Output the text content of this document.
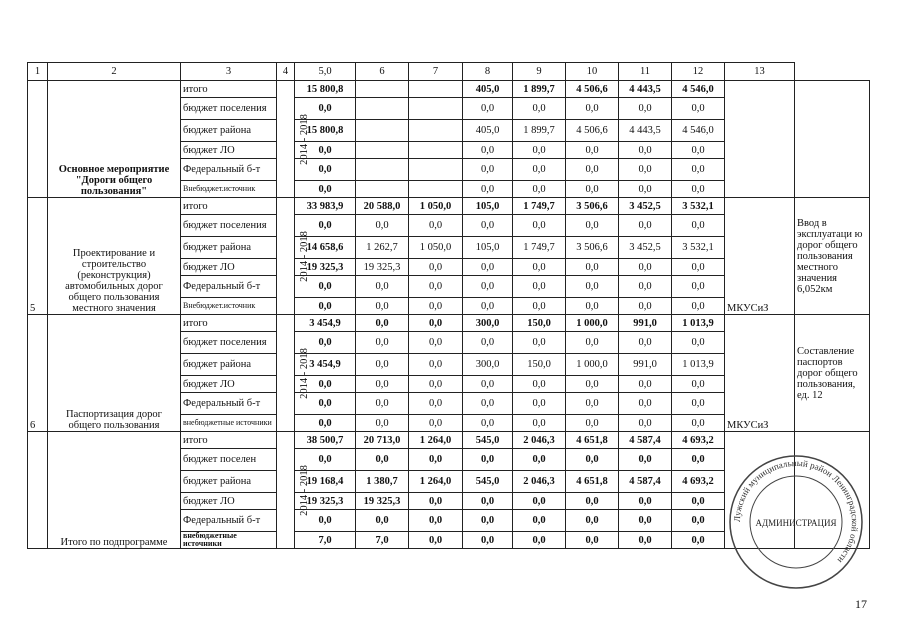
1	2	3	4	5,0	6	7	8	9	10	11	12	13	
	Основное мероприятие "Дороги общего пользования"	итого	2014 - 2018	15 800,8			405,0	1 899,7	4 506,6	4 443,5	4 546,0		
		бюджет поселения		0,0			0,0	0,0	0,0	0,0	0,0		
		бюджет района		15 800,8			405,0	1 899,7	4 506,6	4 443,5	4 546,0		
		бюджет ЛО		0,0			0,0	0,0	0,0	0,0	0,0		
		Федеральный б-т		0,0			0,0	0,0	0,0	0,0	0,0		
		Внебюджет.источник		0,0			0,0	0,0	0,0	0,0	0,0		
5	Проектирование и строительство (реконструкция) автомобильных дорог общего пользования местного значения	итого	2014 - 2018	33 983,9	20 588,0	1 050,0	105,0	1 749,7	3 506,6	3 452,5	3 532,1	МКУСиЗ	Ввод в эксплуатаци ю дорог общего пользования местного значения 6,052км
		бюджет поселения		0,0	0,0	0,0	0,0	0,0	0,0	0,0	0,0		
		бюджет района		14 658,6	1 262,7	1 050,0	105,0	1 749,7	3 506,6	3 452,5	3 532,1		
		бюджет ЛО		19 325,3	19 325,3	0,0	0,0	0,0	0,0	0,0	0,0		
		Федеральный б-т		0,0	0,0	0,0	0,0	0,0	0,0	0,0	0,0		
		Внебюджет.источник		0,0	0,0	0,0	0,0	0,0	0,0	0,0	0,0		
6	Паспортизация дорог общего пользования	итого	2014 - 2018	3 454,9	0,0	0,0	300,0	150,0	1 000,0	991,0	1 013,9	МКУСиЗ	Составление паспортов дорог общего пользования, ед. 12
		бюджет поселения		0,0	0,0	0,0	0,0	0,0	0,0	0,0	0,0		
		бюджет района		3 454,9	0,0	0,0	300,0	150,0	1 000,0	991,0	1 013,9		
		бюджет ЛО		0,0	0,0	0,0	0,0	0,0	0,0	0,0	0,0		
		Федеральный б-т		0,0	0,0	0,0	0,0	0,0	0,0	0,0	0,0		
		внебюджетные источники		0,0	0,0	0,0	0,0	0,0	0,0	0,0	0,0		
	Итого по подпрограмме	итого	2014 - 2018	38 500,7	20 713,0	1 264,0	545,0	2 046,3	4 651,8	4 587,4	4 693,2		
		бюджет поселен		0,0	0,0	0,0	0,0	0,0	0,0	0,0	0,0		
		бюджет района		19 168,4	1 380,7	1 264,0	545,0	2 046,3	4 651,8	4 587,4	4 693,2		
		бюджет ЛО		19 325,3	19 325,3	0,0	0,0	0,0	0,0	0,0	0,0		
		Федеральный б-т		0,0	0,0	0,0	0,0	0,0	0,0	0,0	0,0		
		внебюджетные источники		7,0	7,0	0,0	0,0	0,0	0,0	0,0	0,0		
Лужский муниципальный район Ленинградской области
АДМИНИСТРАЦИЯ
17
